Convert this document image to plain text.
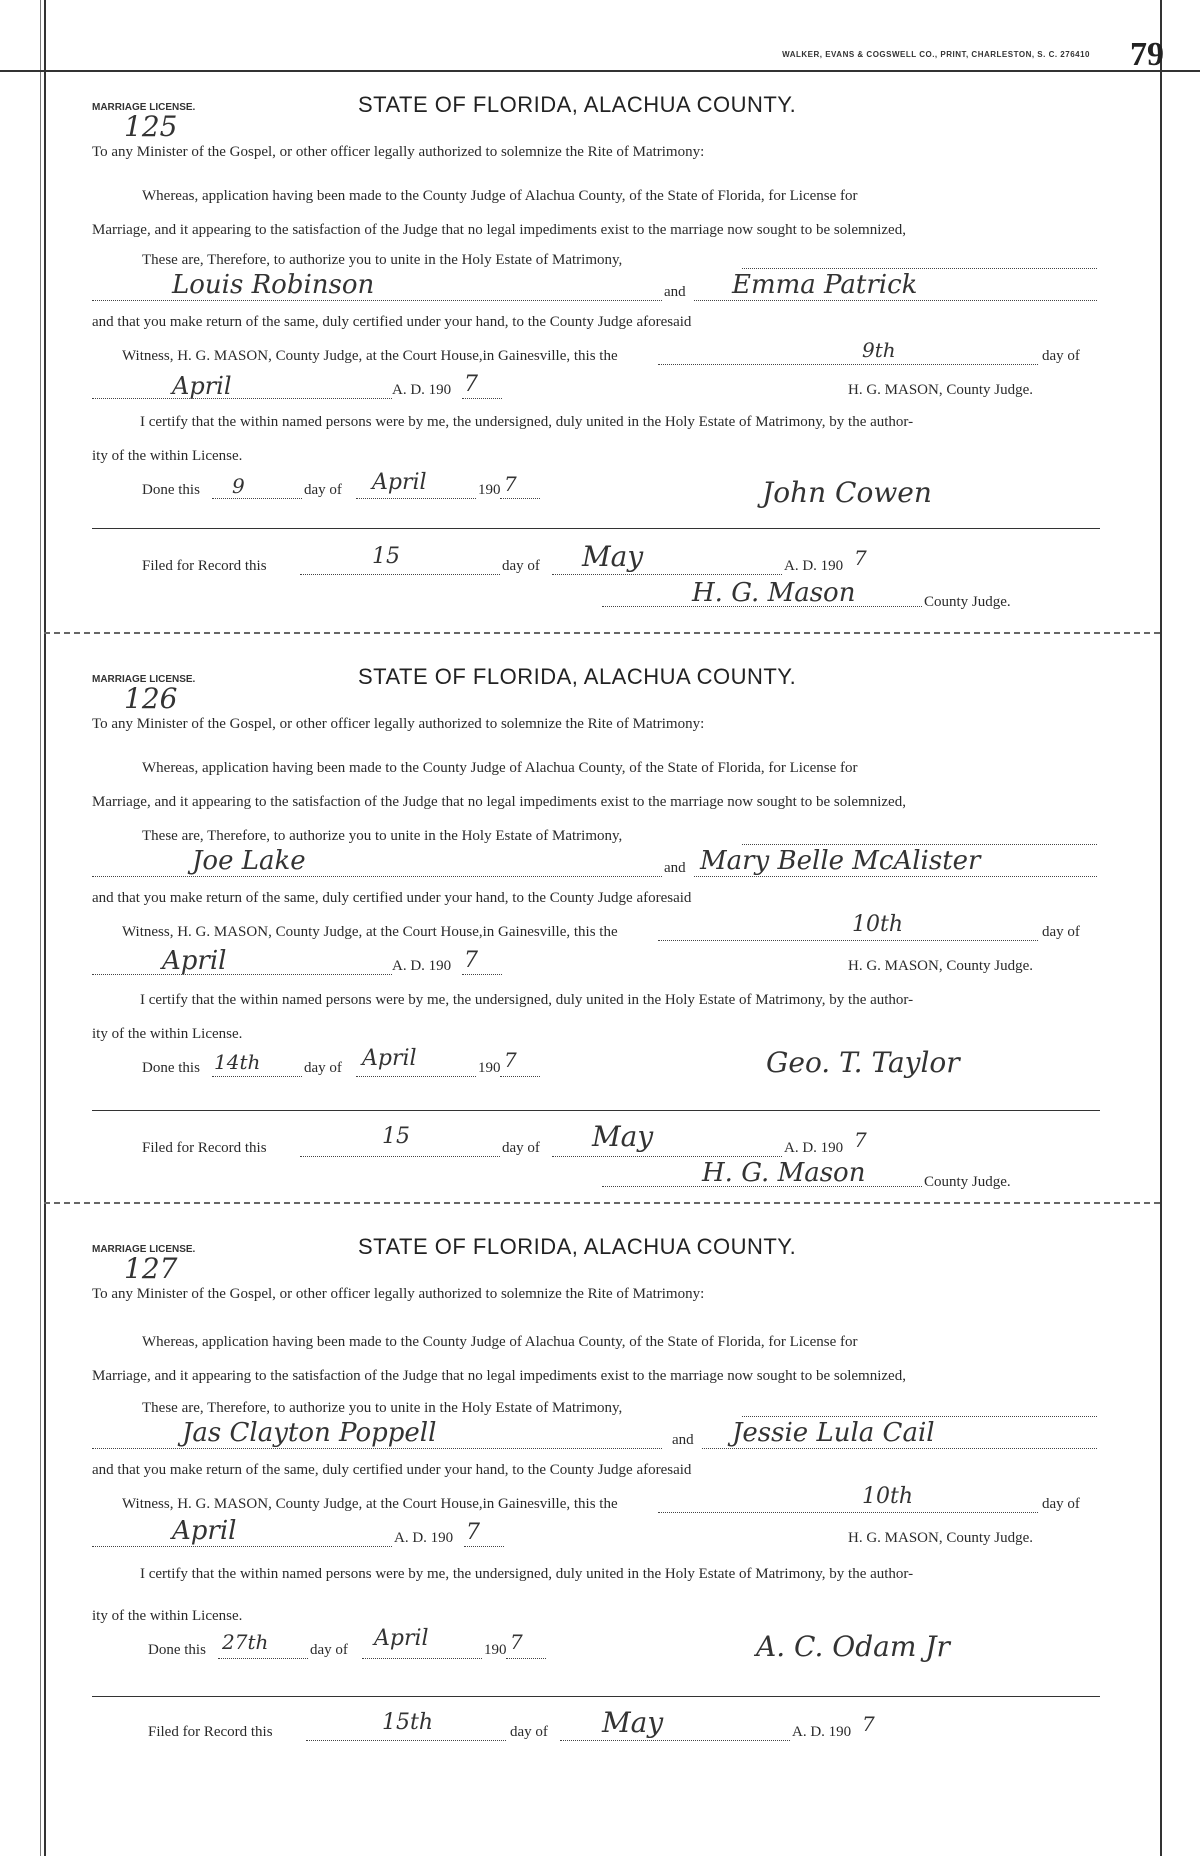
WALKER, EVANS & COGSWELL CO., PRINT, CHARLESTON, S. C. 276410 79
MARRIAGE LICENSE.	STATE OF FLORIDA, ALACHUA COUNTY.
125
To any Minister of the Gospel, or other officer legally authorized to solemnize the Rite of Matrimony:
Whereas, application having been made to the County Judge of Alachua County, of the State of Florida, for License for
Marriage, and it appearing to the satisfaction of the Judge that no legal impediments exist to the marriage now sought to be solemnized,
These are, Therefore, to authorize you to unite in the Holy Estate of Matrimony,
Louis Robinson	and Emma Patrick
and that you make return of the same, duly certified under your hand, to the County Judge aforesaid
Witness, H. G. MASON, County Judge, at the Court House,in Gainesville, this the	9th	day of
April	A. D. 190 7	H. G. MASON, County Judge.
I certify that the within named persons were by me, the undersigned, duly united in the Holy Estate of Matrimony, by the author-
ity of the within License.
Done this 9	day of April	190 7	John Cowen
Filed for Record this	15	day of May	A. D. 190 7
H. G. Mason	County Judge.
MARRIAGE LICENSE.	STATE OF FLORIDA, ALACHUA COUNTY.
126
To any Minister of the Gospel, or other officer legally authorized to solemnize the Rite of Matrimony:
Whereas, application having been made to the County Judge of Alachua County, of the State of Florida, for License for
Marriage, and it appearing to the satisfaction of the Judge that no legal impediments exist to the marriage now sought to be solemnized,
These are, Therefore, to authorize you to unite in the Holy Estate of Matrimony,
Joe Lake	and Mary Belle McAlister
and that you make return of the same, duly certified under your hand, to the County Judge aforesaid
Witness, H. G. MASON, County Judge, at the Court House,in Gainesville, this the	10th	day of
April	A. D. 190 7	H. G. MASON, County Judge.
I certify that the within named persons were by me, the undersigned, duly united in the Holy Estate of Matrimony, by the author-
ity of the within License.
Done this 14th	day of April	190 7	Geo. T. Taylor
Filed for Record this	15	day of May	A. D. 190 7
H. G. Mason	County Judge.
MARRIAGE LICENSE.	STATE OF FLORIDA, ALACHUA COUNTY.
127
To any Minister of the Gospel, or other officer legally authorized to solemnize the Rite of Matrimony:
Whereas, application having been made to the County Judge of Alachua County, of the State of Florida, for License for
Marriage, and it appearing to the satisfaction of the Judge that no legal impediments exist to the marriage now sought to be solemnized,
These are, Therefore, to authorize you to unite in the Holy Estate of Matrimony,
Jas Clayton Poppell	and Jessie Lula Cail
and that you make return of the same, duly certified under your hand, to the County Judge aforesaid
Witness, H. G. MASON, County Judge, at the Court House,in Gainesville, this the	10th	day of
April	A. D. 190 7	H. G. MASON, County Judge.
I certify that the within named persons were by me, the undersigned, duly united in the Holy Estate of Matrimony, by the author-
ity of the within License.
Done this 27th	day of April	190 7	A. C. Odam Jr
Filed for Record this	15th	day of May	A. D. 190 7
